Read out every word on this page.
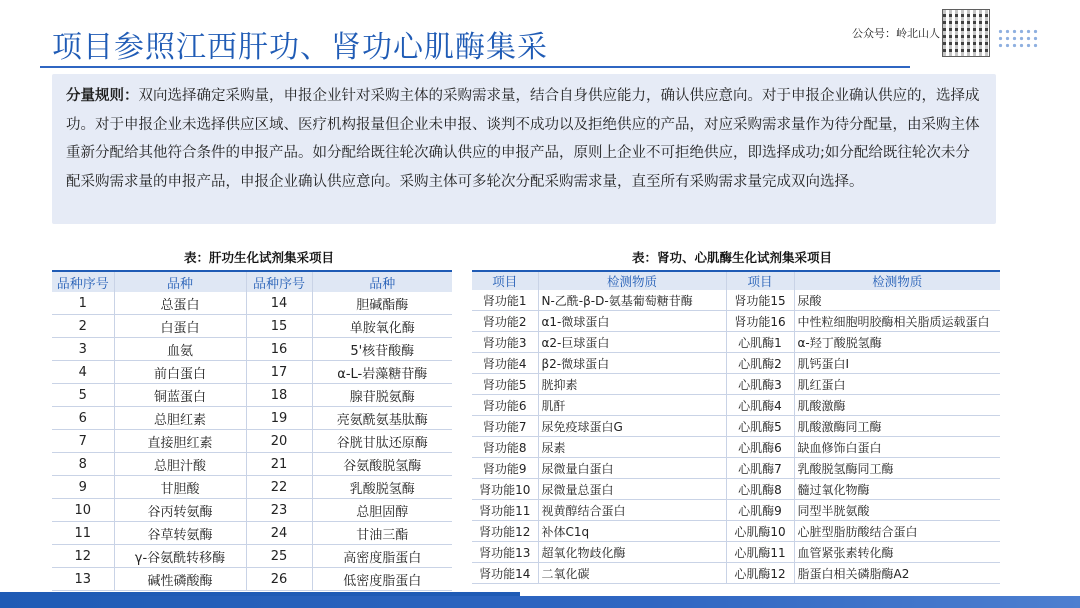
项目参照江西肝功、肾功心肌酶集采	公众号：岭北山人
分量规则：双向选择确定采购量，申报企业针对采购主体的采购需求量，结合自身供应能力，确认供应意向。对于申报企业确认供应的，选择成功。对于申报企业未选择供应区域、医疗机构报量但企业未申报、谈判不成功以及拒绝供应的产品，对应采购需求量作为待分配量，由采购主体重新分配给其他符合条件的申报产品。如分配给既往轮次确认供应的申报产品，原则上企业不可拒绝供应，即选择成功;如分配给既往轮次未分配采购需求量的申报产品，申报企业确认供应意向。采购主体可多轮次分配采购需求量，直至所有采购需求量完成双向选择。
表：肝功生化试剂集采项目
品种序号	品种	品种序号	品种
1	总蛋白	14	胆碱酯酶
2	白蛋白	15	单胺氧化酶
3	血氨	16	5'核苷酸酶
4	前白蛋白	17	α-L-岩藻糖苷酶
5	铜蓝蛋白	18	腺苷脱氨酶
6	总胆红素	19	亮氨酰氨基肽酶
7	直接胆红素	20	谷胱甘肽还原酶
8	总胆汁酸	21	谷氨酸脱氢酶
9	甘胆酸	22	乳酸脱氢酶
10	谷丙转氨酶	23	总胆固醇
11	谷草转氨酶	24	甘油三酯
12	γ-谷氨酰转移酶	25	高密度脂蛋白
13	碱性磷酸酶	26	低密度脂蛋白
表：肾功、心肌酶生化试剂集采项目
项目	检测物质	项目	检测物质
肾功能1	N-乙酰-β-D-氨基葡萄糖苷酶	肾功能15	尿酸
肾功能2	α1-微球蛋白	肾功能16	中性粒细胞明胶酶相关脂质运载蛋白
肾功能3	α2-巨球蛋白	心肌酶1	α-羟丁酸脱氢酶
肾功能4	β2-微球蛋白	心肌酶2	肌钙蛋白I
肾功能5	胱抑素	心肌酶3	肌红蛋白
肾功能6	肌酐	心肌酶4	肌酸激酶
肾功能7	尿免疫球蛋白G	心肌酶5	肌酸激酶同工酶
肾功能8	尿素	心肌酶6	缺血修饰白蛋白
肾功能9	尿微量白蛋白	心肌酶7	乳酸脱氢酶同工酶
肾功能10	尿微量总蛋白	心肌酶8	髓过氧化物酶
肾功能11	视黄醇结合蛋白	心肌酶9	同型半胱氨酸
肾功能12	补体C1q	心肌酶10	心脏型脂肪酸结合蛋白
肾功能13	超氧化物歧化酶	心肌酶11	血管紧张素转化酶
肾功能14	二氧化碳	心肌酶12	脂蛋白相关磷脂酶A2
